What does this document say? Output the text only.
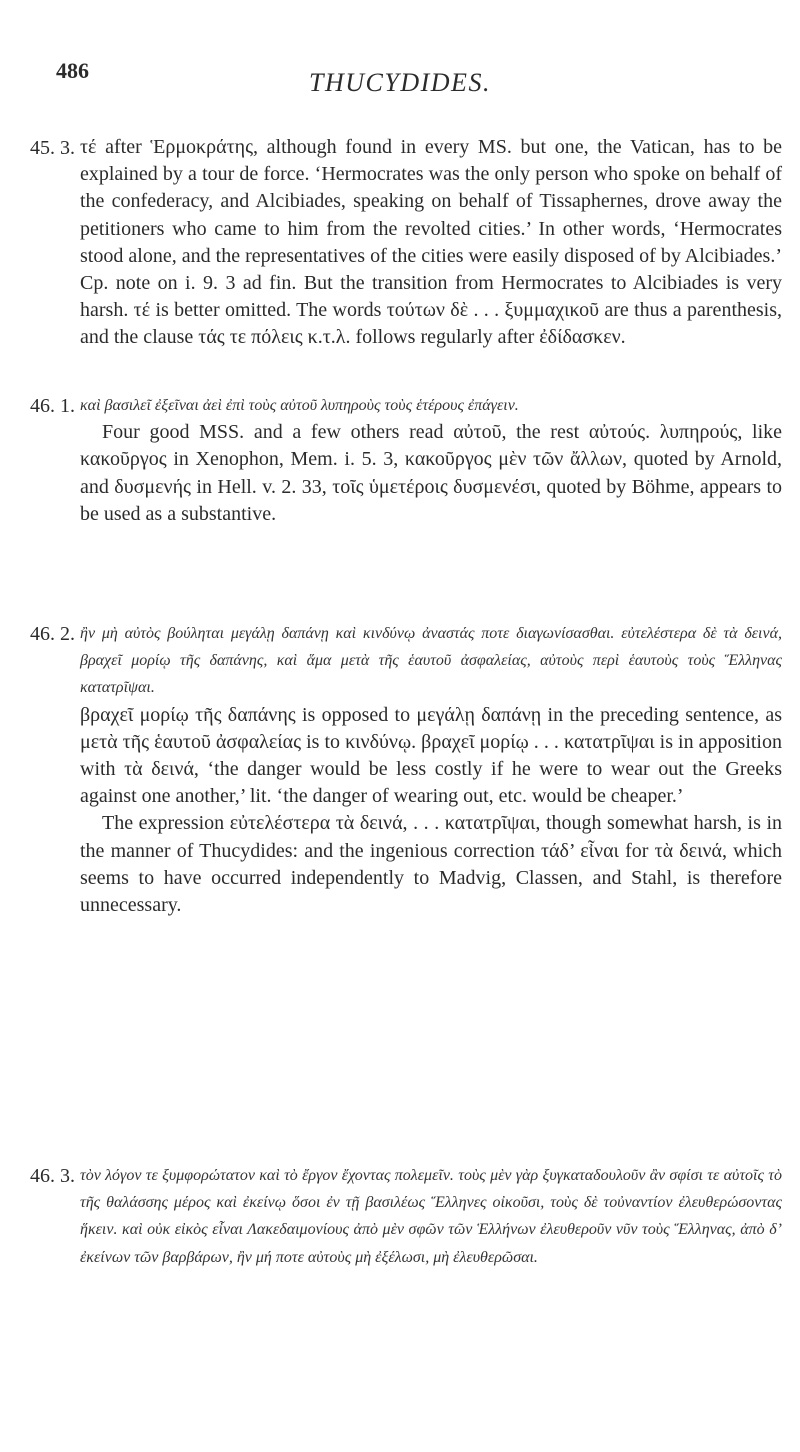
486	THUCYDIDES.
45. 3. τέ after Ἑρμοκράτης, although found in every MS. but one, the Vatican, has to be explained by a tour de force. ‘Hermocrates was the only person who spoke on behalf of the confederacy, and Alcibiades, speaking on behalf of Tissaphernes, drove away the petitioners who came to him from the revolted cities.’ In other words, ‘Hermocrates stood alone, and the representatives of the cities were easily disposed of by Alcibiades.’ Cp. note on i. 9. 3 ad fin. But the transition from Hermocrates to Alcibiades is very harsh. τέ is better omitted. The words τούτων δὲ . . . ξυμμαχικοῦ are thus a parenthesis, and the clause τάς τε πόλεις κ.τ.λ. follows regularly after ἐδίδασκεν.

46. 1. καὶ βασιλεῖ ἐξεῖναι ἀεὶ ἐπὶ τοὺς αὐτοῦ λυπηροὺς τοὺς ἑτέρους ἐπάγειν.

Four good MSS. and a few others read αὐτοῦ, the rest αὐτούς. λυπηρούς, like κακοῦργος in Xenophon, Mem. i. 5. 3, κακοῦργος μὲν τῶν ἄλλων, quoted by Arnold, and δυσμενής in Hell. v. 2. 33, τοῖς ὑμετέροις δυσμενέσι, quoted by Böhme, appears to be used as a substantive.

46. 2. ἢν μὴ αὐτὸς βούληται μεγάλῃ δαπάνῃ καὶ κινδύνῳ ἀναστάς ποτε διαγωνίσασθαι. εὐτελέστερα δὲ τὰ δεινά, βραχεῖ μορίῳ τῆς δαπάνης, καὶ ἅμα μετὰ τῆς ἑαυτοῦ ἀσφαλείας, αὐτοὺς περὶ ἑαυτοὺς τοὺς Ἕλληνας κατατρῖψαι.

βραχεῖ μορίῳ τῆς δαπάνης is opposed to μεγάλῃ δαπάνῃ in the preceding sentence, as μετὰ τῆς ἑαυτοῦ ἀσφαλείας is to κινδύνῳ. βραχεῖ μορίῳ . . . κατατρῖψαι is in apposition with τὰ δεινά, ‘the danger would be less costly if he were to wear out the Greeks against one another,’ lit. ‘the danger of wearing out, etc. would be cheaper.’

The expression εὐτελέστερα τὰ δεινά, . . . κατατρῖψαι, though somewhat harsh, is in the manner of Thucydides: and the ingenious correction τάδ’ εἶναι for τὰ δεινά, which seems to have occurred independently to Madvig, Classen, and Stahl, is therefore unnecessary.

46. 3. τὸν λόγον τε ξυμφορώτατον καὶ τὸ ἔργον ἔχοντας πολεμεῖν. τοὺς μὲν γὰρ ξυγκαταδουλοῦν ἂν σφίσι τε αὐτοῖς τὸ τῆς θαλάσσης μέρος καὶ ἐκείνῳ ὅσοι ἐν τῇ βασιλέως Ἕλληνες οἰκοῦσι, τοὺς δὲ τοὐναντίον ἐλευθερώσοντας ἥκειν. καὶ οὐκ εἰκὸς εἶναι Λακεδαιμονίους ἀπὸ μὲν σφῶν τῶν Ἑλλήνων ἐλευθεροῦν νῦν τοὺς Ἕλληνας, ἀπὸ δ’ ἐκείνων τῶν βαρβάρων, ἢν μή ποτε αὐτοὺς μὴ ἐξέλωσι, μὴ ἐλευθερῶσαι.
